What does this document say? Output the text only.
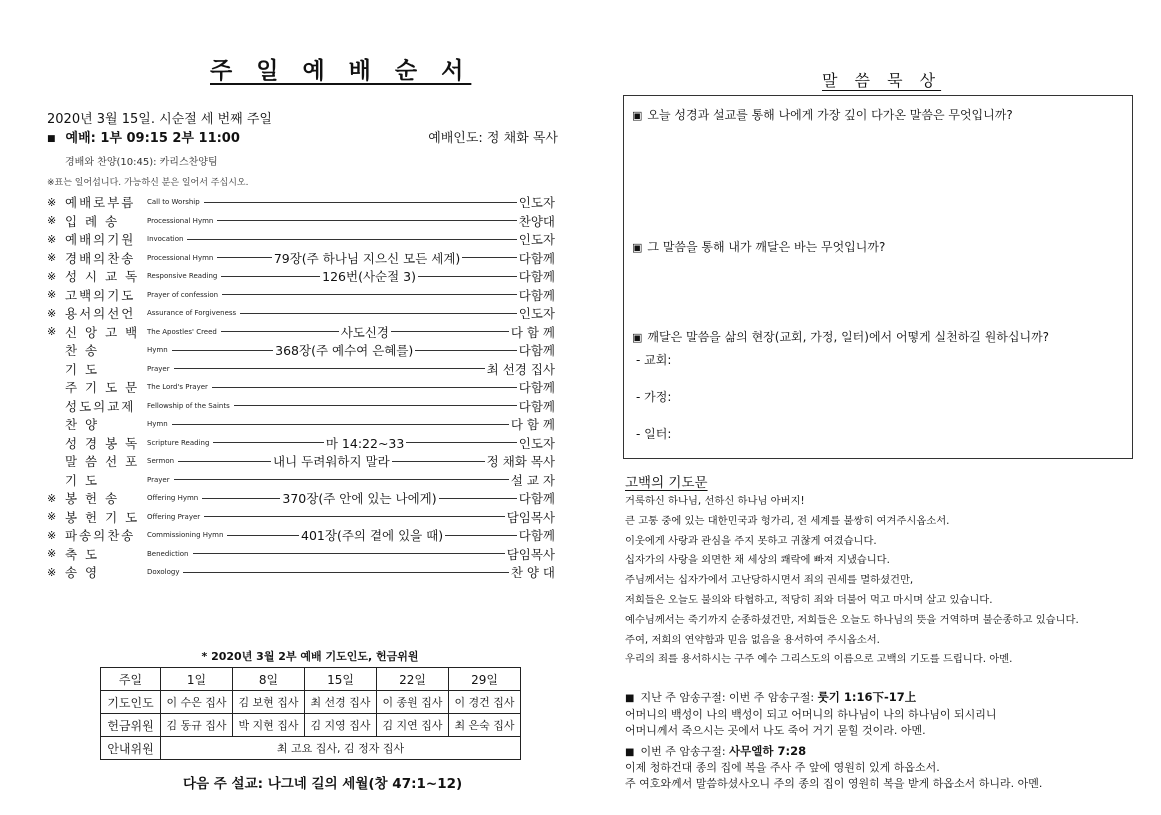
주 일 예 배 순 서
2020년 3월 15일. 시순절 세 번째 주일
■ 예배: 1부 09:15 2부 11:00	예배인도: 정 채화 목사
경배와 찬양(10:45): 카리스찬양팀
※표는 일어섭니다. 가능하신 분은 일어서 주십시오.
※ 예배로부름	Call to Worship	인도자
※ 입 례 송	Processional Hymn	찬양대
※ 예배의기원	Invocation	인도자
※ 경배의찬송	Processional Hymn	79장(주 하나님 지으신 모든 세계)	다함께
※ 성 시 교 독	Responsive Reading	126번(사순절 3)	다함께
※ 고백의기도	Prayer of confession	다함께
※ 용서의선언	Assurance of Forgiveness	인도자
※ 신 앙 고 백	The Apostles' Creed	사도신경	다 함 께
찬 송	Hymn	368장(주 예수여 은혜를)	다함께
기 도	Prayer	최 선경 집사
주 기 도 문	The Lord's Prayer	다함께
성도의교제	Fellowship of the Saints	다함께
찬 양	Hymn	다 함 께
성 경 봉 독	Scripture Reading	마 14:22~33	인도자
말 씀 선 포	Sermon	내니 두려워하지 말라	정 채화 목사
기 도	Prayer	설 교 자
※ 봉 헌 송	Offering Hymn	370장(주 안에 있는 나에게)	다함께
※ 봉 헌 기 도	Offering Prayer	담임목사
※ 파송의찬송	Commissioning Hymn	401장(주의 곁에 있을 때)	다함께
※ 축 도	Benediction	담임목사
※ 송 영	Doxology	찬 양 대
* 2020년 3월 2부 예배 기도인도, 헌금위원
주일	1일	8일	15일	22일	29일
기도인도	이 수은 집사	김 보현 집사	최 선경 집사	이 종원 집사	이 경건 집사
헌금위원	김 동규 집사	박 지현 집사	김 지영 집사	김 지연 집사	최 은숙 집사
안내위원	최 고요 집사, 김 정자 집사				
다음 주 설교: 나그네 길의 세월(창 47:1~12)
말 씀 묵 상
▣ 오늘 성경과 설교를 통해 나에게 가장 깊이 다가온 말씀은 무엇입니까?
▣ 그 말씀을 통해 내가 깨달은 바는 무엇입니까?
▣ 깨달은 말씀을 삶의 현장(교회, 가정, 일터)에서 어떻게 실천하길 원하십니까?
- 교회:
- 가정:
- 일터:
고백의 기도문
거룩하신 하나님, 선하신 하나님 아버지!
큰 고통 중에 있는 대한민국과 헝가리, 전 세계를 불쌍히 여겨주시옵소서.
이웃에게 사랑과 관심을 주지 못하고 귀찮게 여겼습니다.
십자가의 사랑을 외면한 채 세상의 쾌락에 빠져 지냈습니다.
주님께서는 십자가에서 고난당하시면서 죄의 권세를 멸하셨건만,
저희들은 오늘도 불의와 타협하고, 적당히 죄와 더불어 먹고 마시며 살고 있습니다.
예수님께서는 죽기까지 순종하셨건만, 저희들은 오늘도 하나님의 뜻을 거역하며 불순종하고 있습니다.
주여, 저희의 연약함과 믿음 없음을 용서하여 주시옵소서.
우리의 죄를 용서하시는 구주 예수 그리스도의 이름으로 고백의 기도를 드립니다. 아멘.
■ 지난 주 암송구절: 이번 주 암송구절: 룻기 1:16下-17上
어머니의 백성이 나의 백성이 되고 어머니의 하나님이 나의 하나님이 되시리니
어머니께서 죽으시는 곳에서 나도 죽어 거기 묻힐 것이라. 아멘.
■ 이번 주 암송구절: 사무엘하 7:28
이제 청하건대 종의 집에 복을 주사 주 앞에 영원히 있게 하옵소서.
주 여호와께서 말씀하셨사오니 주의 종의 집이 영원히 복을 받게 하옵소서 하니라. 아멘.
